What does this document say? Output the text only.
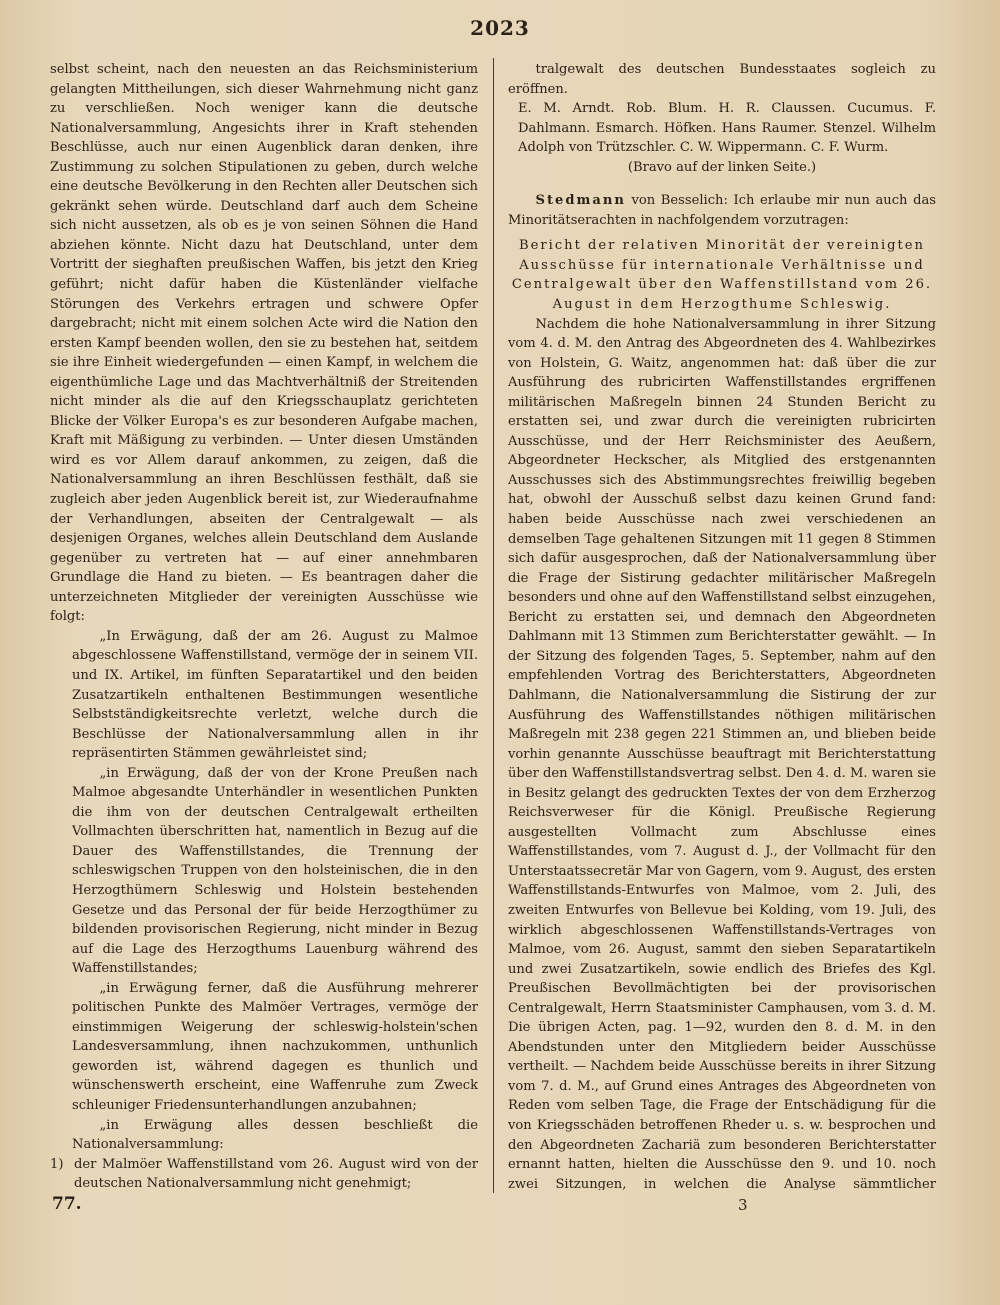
2023

selbst scheint, nach den neuesten an das Reichsministerium gelangten Mittheilungen, sich dieser Wahrnehmung nicht ganz zu verschließen. Noch weniger kann die deutsche Nationalversammlung, Angesichts ihrer in Kraft stehenden Beschlüsse, auch nur einen Augenblick daran denken, ihre Zustimmung zu solchen Stipulationen zu geben, durch welche eine deutsche Bevölkerung in den Rechten aller Deutschen sich gekränkt sehen würde. Deutschland darf auch dem Scheine sich nicht aussetzen, als ob es je von seinen Söhnen die Hand abziehen könnte. Nicht dazu hat Deutschland, unter dem Vortritt der sieghaften preußischen Waffen, bis jetzt den Krieg geführt; nicht dafür haben die Küstenländer vielfache Störungen des Verkehrs ertragen und schwere Opfer dargebracht; nicht mit einem solchen Acte wird die Nation den ersten Kampf beenden wollen, den sie zu bestehen hat, seitdem sie ihre Einheit wiedergefunden — einen Kampf, in welchem die eigenthümliche Lage und das Machtverhältniß der Streitenden nicht minder als die auf den Kriegsschauplatz gerichteten Blicke der Völker Europa's es zur besonderen Aufgabe machen, Kraft mit Mäßigung zu verbinden. — Unter diesen Umständen wird es vor Allem darauf ankommen, zu zeigen, daß die Nationalversammlung an ihren Beschlüssen festhält, daß sie zugleich aber jeden Augenblick bereit ist, zur Wiederaufnahme der Verhandlungen, abseiten der Centralgewalt — als desjenigen Organes, welches allein Deutschland dem Auslande gegenüber zu vertreten hat — auf einer annehmbaren Grundlage die Hand zu bieten. — Es beantragen daher die unterzeichneten Mitglieder der vereinigten Ausschüsse wie folgt:

„In Erwägung, daß der am 26. August zu Malmoe abgeschlossene Waffenstillstand, vermöge der in seinem VII. und IX. Artikel, im fünften Separatartikel und den beiden Zusatzartikeln enthaltenen Bestimmungen wesentliche Selbstständigkeitsrechte verletzt, welche durch die Beschlüsse der Nationalversammlung allen in ihr repräsentirten Stämmen gewährleistet sind;

„in Erwägung, daß der von der Krone Preußen nach Malmoe abgesandte Unterhändler in wesentlichen Punkten die ihm von der deutschen Centralgewalt ertheilten Vollmachten überschritten hat, namentlich in Bezug auf die Dauer des Waffenstillstandes, die Trennung der schleswigschen Truppen von den holsteinischen, die in den Herzogthümern Schleswig und Holstein bestehenden Gesetze und das Personal der für beide Herzogthümer zu bildenden provisorischen Regierung, nicht minder in Bezug auf die Lage des Herzogthums Lauenburg während des Waffenstillstandes;

„in Erwägung ferner, daß die Ausführung mehrerer politischen Punkte des Malmöer Vertrages, vermöge der einstimmigen Weigerung der schleswig-holstein'schen Landesversammlung, ihnen nachzukommen, unthunlich geworden ist, während dagegen es thunlich und wünschenswerth erscheint, eine Waffenruhe zum Zweck schleuniger Friedensunterhandlungen anzubahnen;

„in Erwägung alles dessen beschließt die Nationalversammlung:

1) der Malmöer Waffenstillstand vom 26. August wird von der deutschen Nationalversammlung nicht genehmigt;

tralgewalt des deutschen Bundesstaates sogleich zu eröffnen.

E. M. Arndt. Rob. Blum. H. R. Claussen. Cucumus. F. Dahlmann. Esmarch. Höfken. Hans Raumer. Stenzel. Wilhelm Adolph von Trützschler. C. W. Wippermann. C. F. Wurm.

(Bravo auf der linken Seite.)

Stedmann von Besselich: Ich erlaube mir nun auch das Minoritätserachten in nachfolgendem vorzutragen:

Bericht der relativen Minorität der vereinigten Ausschüsse für internationale Verhältnisse und Centralgewalt über den Waffenstillstand vom 26. August in dem Herzogthume Schleswig.

Nachdem die hohe Nationalversammlung in ihrer Sitzung vom 4. d. M. den Antrag des Abgeordneten des 4. Wahlbezirkes von Holstein, G. Waitz, angenommen hat: daß über die zur Ausführung des rubricirten Waffenstillstandes ergriffenen militärischen Maßregeln binnen 24 Stunden Bericht zu erstatten sei, und zwar durch die vereinigten rubricirten Ausschüsse, und der Herr Reichsminister des Aeußern, Abgeordneter Heckscher, als Mitglied des erstgenannten Ausschusses sich des Abstimmungsrechtes freiwillig begeben hat, obwohl der Ausschuß selbst dazu keinen Grund fand: haben beide Ausschüsse nach zwei verschiedenen an demselben Tage gehaltenen Sitzungen mit 11 gegen 8 Stimmen sich dafür ausgesprochen, daß der Nationalversammlung über die Frage der Sistirung gedachter militärischer Maßregeln besonders und ohne auf den Waffenstillstand selbst einzugehen, Bericht zu erstatten sei, und demnach den Abgeordneten Dahlmann mit 13 Stimmen zum Berichterstatter gewählt. — In der Sitzung des folgenden Tages, 5. September, nahm auf den empfehlenden Vortrag des Berichterstatters, Abgeordneten Dahlmann, die Nationalversammlung die Sistirung der zur Ausführung des Waffenstillstandes nöthigen militärischen Maßregeln mit 238 gegen 221 Stimmen an, und blieben beide vorhin genannte Ausschüsse beauftragt mit Berichterstattung über den Waffenstillstandsvertrag selbst. Den 4. d. M. waren sie in Besitz gelangt des gedruckten Textes der von dem Erzherzog Reichsverweser für die Königl. Preußische Regierung ausgestellten Vollmacht zum Abschlusse eines Waffenstillstandes, vom 7. August d. J., der Vollmacht für den Unterstaatssecretär Mar von Gagern, vom 9. August, des ersten Waffenstillstands-Entwurfes von Malmoe, vom 2. Juli, des zweiten Entwurfes von Bellevue bei Kolding, vom 19. Juli, des wirklich abgeschlossenen Waffenstillstands-Vertrages von Malmoe, vom 26. August, sammt den sieben Separatartikeln und zwei Zusatzartikeln, sowie endlich des Briefes des Kgl. Preußischen Bevollmächtigten bei der provisorischen Centralgewalt, Herrn Staatsminister Camphausen, vom 3. d. M. Die übrigen Acten, pag. 1—92, wurden den 8. d. M. in den Abendstunden unter den Mitgliedern beider Ausschüsse vertheilt. — Nachdem beide Ausschüsse bereits in ihrer Sitzung vom 7. d. M., auf Grund eines Antrages des Abgeordneten von Reden vom selben Tage, die Frage der Entschädigung für die von Kriegsschäden betroffenen Rheder u. s. w. besprochen und den Abgeordneten Zachariä zum besonderen Berichterstatter ernannt hatten, hielten die Ausschüsse den 9. und 10. noch zwei Sitzungen, in welchen die Analyse sämmtlicher

77.	3
